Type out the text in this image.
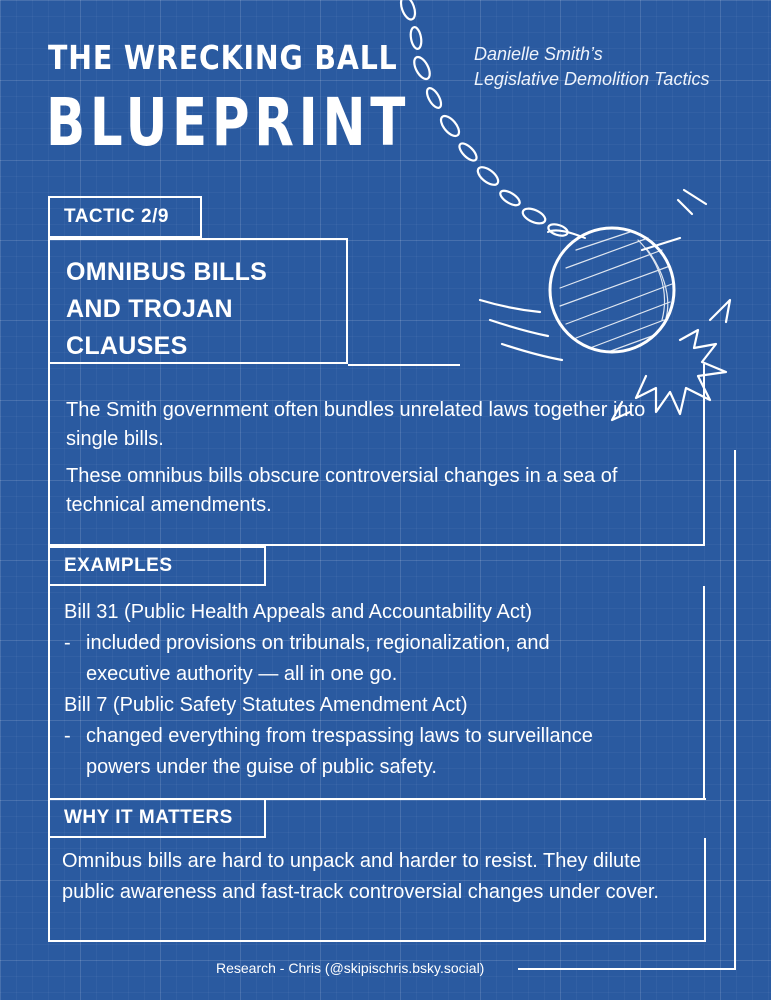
THE WRECKING BALL
BLUEPRINT
Danielle Smith’s
Legislative Demolition Tactics
TACTIC 2/9
OMNIBUS BILLS
AND TROJAN
CLAUSES

The Smith government often bundles unrelated laws together into single bills.

These omnibus bills obscure controversial changes in a sea of technical amendments.

EXAMPLES
Bill 31 (Public Health Appeals and Accountability Act)
- included provisions on tribunals, regionalization, and
executive authority — all in one go.
Bill 7 (Public Safety Statutes Amendment Act)
- changed everything from trespassing laws to surveillance
powers under the guise of public safety.
WHY IT MATTERS
Omnibus bills are hard to unpack and harder to resist. They dilute public awareness and fast-track controversial changes under cover.
Research - Chris (@skipischris.bsky.social)
